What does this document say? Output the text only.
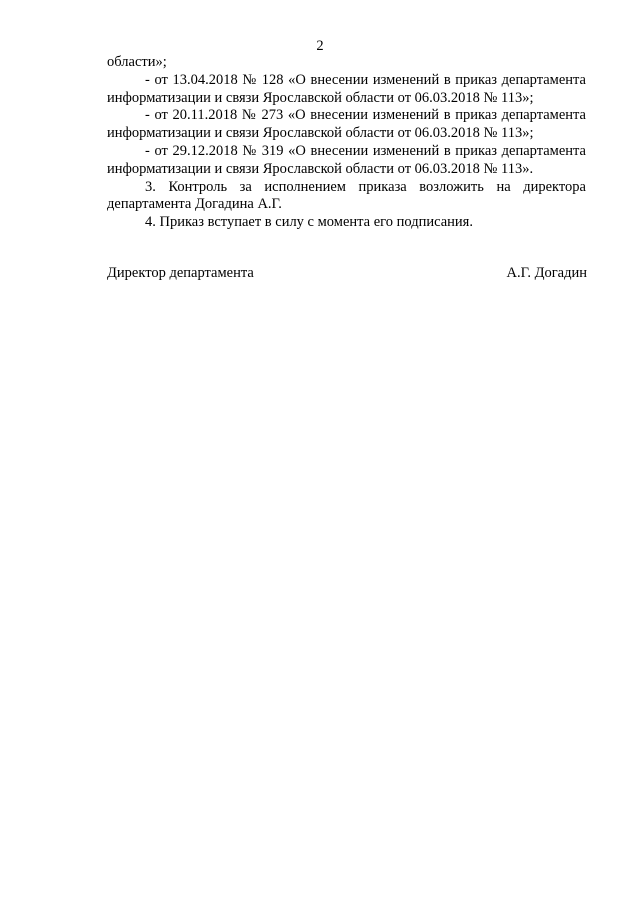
2

области»;

- от 13.04.2018 № 128 «О внесении изменений в приказ департамента информатизации и связи Ярославской области от 06.03.2018 № 113»;

- от 20.11.2018 № 273 «О внесении изменений в приказ департамента информатизации и связи Ярославской области от 06.03.2018 № 113»;

- от 29.12.2018 № 319 «О внесении изменений в приказ департамента информатизации и связи Ярославской области от 06.03.2018 № 113».

3. Контроль за исполнением приказа возложить на директора департамента Догадина А.Г.

4. Приказ вступает в силу с момента его подписания.

Директор департамента	А.Г. Догадин
